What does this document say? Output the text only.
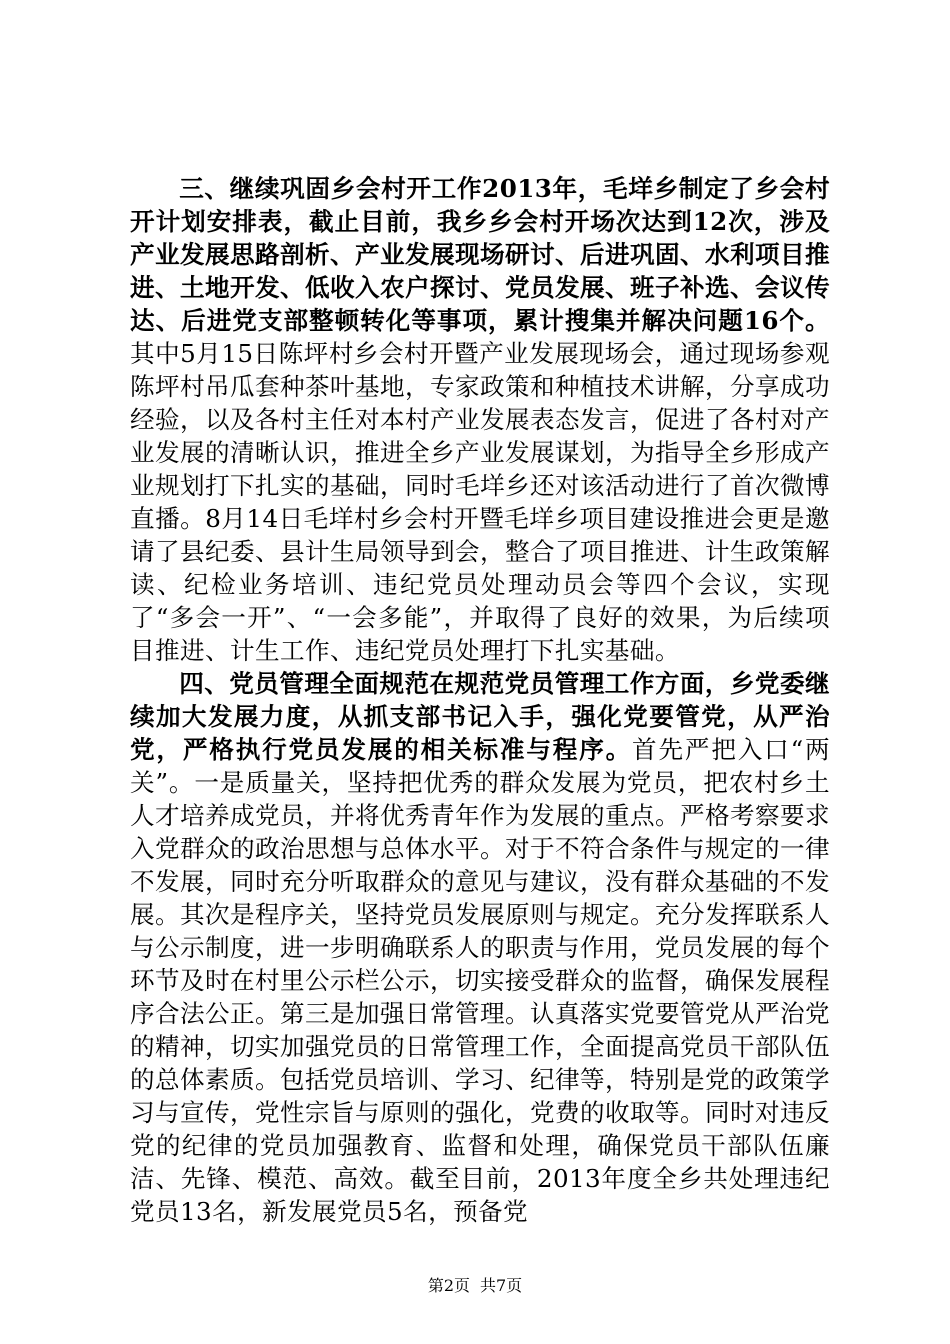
三、继续巩固乡会村开工作2013年，毛垟乡制定了乡会村开计划安排表，截止目前，我乡乡会村开场次达到12次，涉及产业发展思路剖析、产业发展现场研讨、后进巩固、水利项目推进、土地开发、低收入农户探讨、党员发展、班子补选、会议传达、后进党支部整顿转化等事项，累计搜集并解决问题16个。其中5月15日陈坪村乡会村开暨产业发展现场会，通过现场参观陈坪村吊瓜套种茶叶基地，专家政策和种植技术讲解，分享成功经验，以及各村主任对本村产业发展表态发言，促进了各村对产业发展的清晰认识，推进全乡产业发展谋划，为指导全乡形成产业规划打下扎实的基础，同时毛垟乡还对该活动进行了首次微博直播。8月14日毛垟村乡会村开暨毛垟乡项目建设推进会更是邀请了县纪委、县计生局领导到会，整合了项目推进、计生政策解读、纪检业务培训、违纪党员处理动员会等四个会议，实现了“多会一开”、“一会多能”，并取得了良好的效果，为后续项目推进、计生工作、违纪党员处理打下扎实基础。

四、党员管理全面规范在规范党员管理工作方面，乡党委继续加大发展力度，从抓支部书记入手，强化党要管党，从严治党，严格执行党员发展的相关标准与程序。首先严把入口“两关”。一是质量关，坚持把优秀的群众发展为党员，把农村乡土人才培养成党员，并将优秀青年作为发展的重点。严格考察要求入党群众的政治思想与总体水平。对于不符合条件与规定的一律不发展，同时充分听取群众的意见与建议，没有群众基础的不发展。其次是程序关，坚持党员发展原则与规定。充分发挥联系人与公示制度，进一步明确联系人的职责与作用，党员发展的每个环节及时在村里公示栏公示，切实接受群众的监督，确保发展程序合法公正。第三是加强日常管理。认真落实党要管党从严治党的精神，切实加强党员的日常管理工作，全面提高党员干部队伍的总体素质。包括党员培训、学习、纪律等，特别是党的政策学习与宣传，党性宗旨与原则的强化，党费的收取等。同时对违反党的纪律的党员加强教育、监督和处理，确保党员干部队伍廉洁、先锋、模范、高效。截至目前，2013年度全乡共处理违纪党员13名，新发展党员5名，预备党

第2页 共7页
